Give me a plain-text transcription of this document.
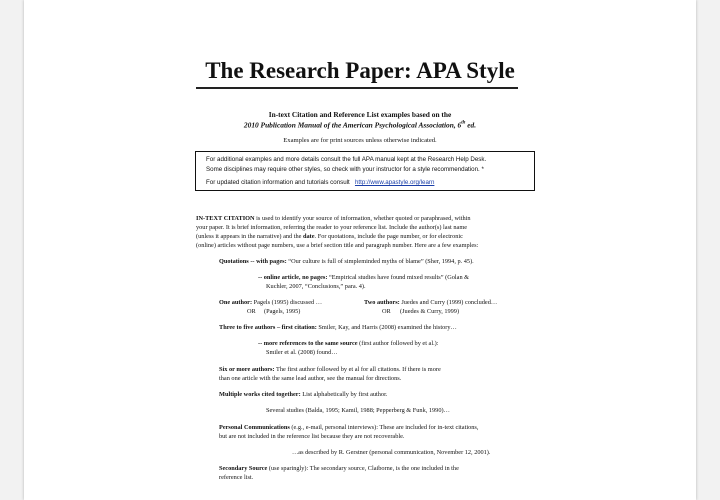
The Research Paper: APA Style
In-text Citation and Reference List examples based on the
2010 Publication Manual of the American Psychological Association, 6th ed.
Examples are for print sources unless otherwise indicated.
For additional examples and more details consult the full APA manual kept at the Research Help Desk.
Some disciplines may require other styles, so check with your instructor for a style recommendation. *
For updated citation information and tutorials consult http://www.apastyle.org/learn
IN-TEXT CITATION is used to identify your source of information, whether quoted or paraphrased, within
your paper. It is brief information, referring the reader to your reference list. Include the author(s) last name
(unless it appears in the narrative) and the date. For quotations, include the page number, or for electronic
(online) articles without page numbers, use a brief section title and paragraph number. Here are a few examples:
Quotations -- with pages: “Our culture is full of simpleminded myths of blame” (Sher, 1994, p. 45).
-- online article, no pages: “Empirical studies have found mixed results” (Golan &
Kuchler, 2007, “Conclusions,” para. 4).
One author: Pagels (1995) discussed …	Two authors: Juedes and Curry (1999) concluded…
OR (Pagels, 1995)	OR (Juedes & Curry, 1999)
Three to five authors – first citation: Smiler, Kay, and Harris (2008) examined the history…
-- more references to the same source (first author followed by et al.):
Smiler et al. (2008) found…
Six or more authors: The first author followed by et al for all citations. If there is more
than one article with the same lead author, see the manual for directions.
Multiple works cited together: List alphabetically by first author.
Several studies (Balda, 1995; Kamil, 1988; Pepperberg & Funk, 1990)…
Personal Communications (e.g., e-mail, personal interviews): These are included for in-text citations,
but are not included in the reference list because they are not recoverable.
…as described by R. Gerstner (personal communication, November 12, 2001).
Secondary Source (use sparingly): The secondary source, Claiborne, is the one included in the
reference list.
